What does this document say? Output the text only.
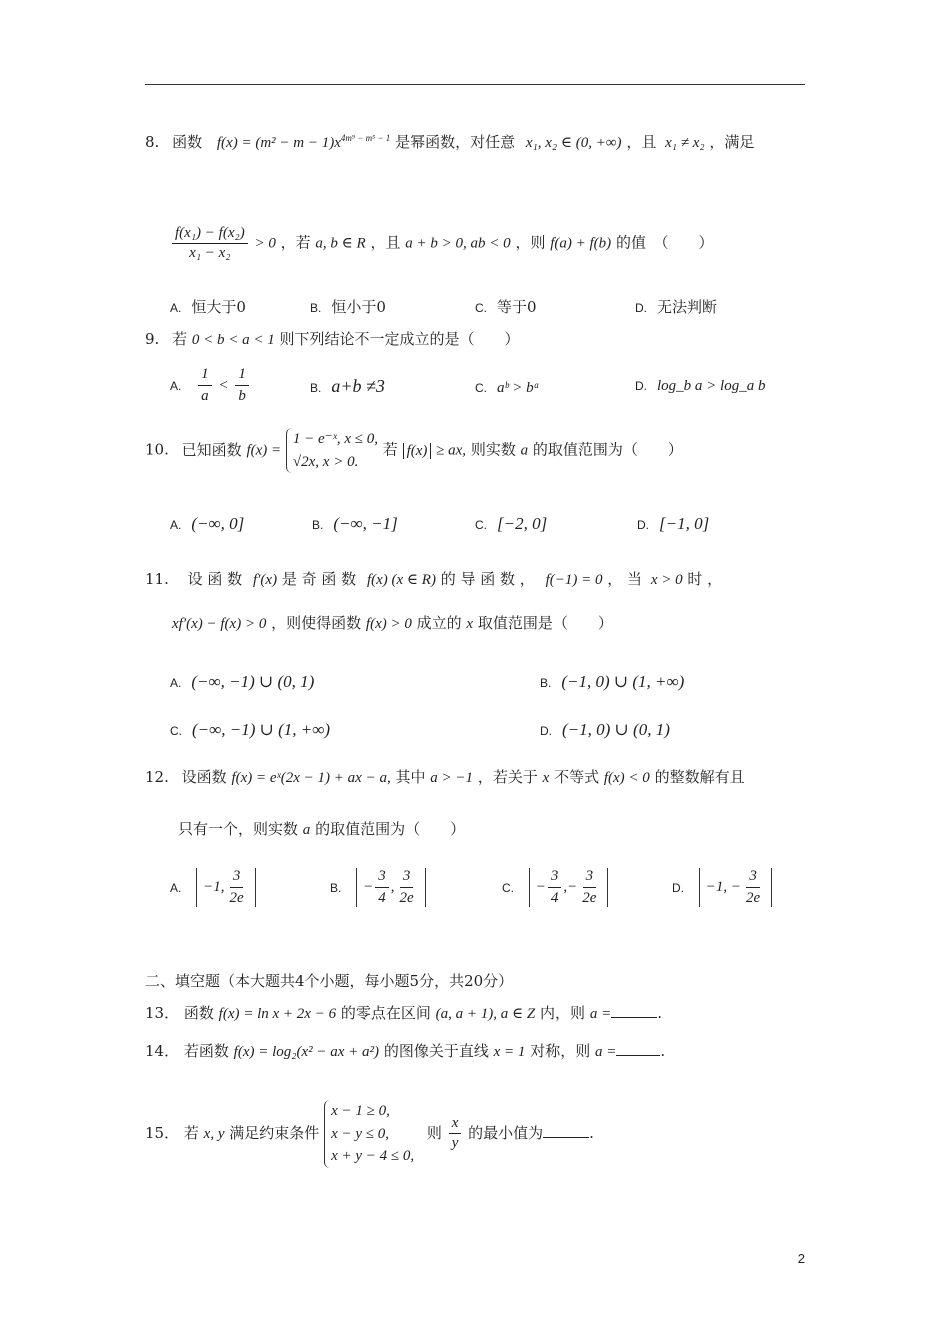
8. 函数 $f(x) = (m^2 - m - 1)x^{4m^9 - m^5 - 1}$ 是幂函数，对任意 x₁, x₂ ∈ (0, +∞) ，且 x₁ ≠ x₂ ，满足
$\frac{\text{f(x₁) − f(x₂)}}{\text{x₁ − x₂}} > 0$ ，若 a, b ∈ R ，且 a + b > 0, ab < 0 ，则 f(a) + f(b) 的值　（　　）
A. 恒大于0	B. 恒小于0	C. 等于0	D. 无法判断
9. 若 0 < b < a < 1 则下列结论不一定成立的是（　　）
A. $\frac{1}{a} < \frac{1}{b}$	B. a+b ≠3	C. aᵇ > bᵃ	D. log_b a > log_a b
10. 已知函数 f(x) = 1 − e⁻ˣ, x ≤ 0,
√2x, x > 0. 若 f(x) ≥ ax, 则实数 a 的取值范围为（　　）
A. (−∞, 0]	B. (−∞, −1]	C. [−2, 0]	D. [−1, 0]
11. 设 函 数 f′(x) 是 奇 函 数 f(x) (x ∈ R) 的 导 函 数 ， f(−1) = 0 ， 当 x > 0 时 ，
xf′(x) − f(x) > 0 ，则使得函数 f(x) > 0 成立的 x 取值范围是（　　）
A. (−∞, −1) ∪ (0, 1)	B. (−1, 0) ∪ (1, +∞)
C. (−∞, −1) ∪ (1, +∞)	D. (−1, 0) ∪ (0, 1)
12. 设函数 f(x) = eˣ(2x − 1) + ax − a, 其中 a > −1 ，若关于 x 不等式 f(x) < 0 的整数解有且
只有一个，则实数 a 的取值范围为（　　）
A. −1, $\frac{3}{2e}$	B. − $\frac{3}{4}$ , $\frac{3}{2e}$	C. − $\frac{3}{4}$ ,− $\frac{3}{2e}$	D. −1, − $\frac{3}{2e}$
二、填空题（本大题共4个小题，每小题5分，共20分）
13． 函数 f(x) = ln x + 2x − 6 的零点在区间 (a, a + 1), a ∈ Z 内，则 a =	.
14． 若函数 f(x) = log₂(x² − ax + a²) 的图像关于直线 x = 1 对称，则 a =	.
15． 若 x, y 满足约束条件 x − 1 ≥ 0,
x − y ≤ 0,
x + y − 4 ≤ 0, 则 $\frac{x}{y}$ 的最小值为	.
2
